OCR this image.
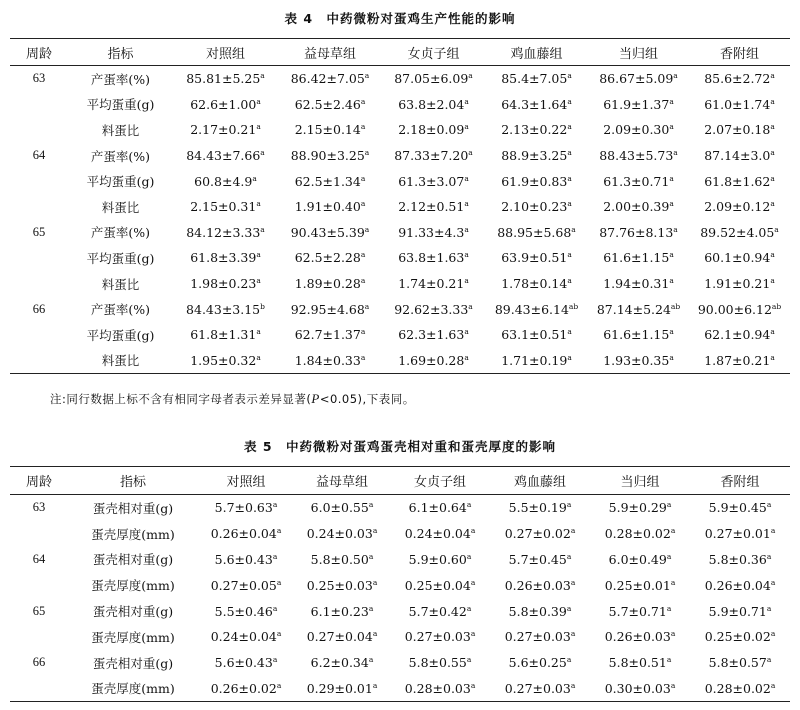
表 4　中药微粉对蛋鸡生产性能的影响
周龄	指标	对照组	益母草组	女贞子组	鸡血藤组	当归组	香附组
63	产蛋率(%)	85.81±5.25$^a$	86.42±7.05$^a$	87.05±6.09$^a$	85.4±7.05$^a$	86.67±5.09$^a$	85.6±2.72$^a$
	平均蛋重(g)	62.6±1.00$^a$	62.5±2.46$^a$	63.8±2.04$^a$	64.3±1.64$^a$	61.9±1.37$^a$	61.0±1.74$^a$
	料蛋比	2.17±0.21$^a$	2.15±0.14$^a$	2.18±0.09$^a$	2.13±0.22$^a$	2.09±0.30$^a$	2.07±0.18$^a$
64	产蛋率(%)	84.43±7.66$^a$	88.90±3.25$^a$	87.33±7.20$^a$	88.9±3.25$^a$	88.43±5.73$^a$	87.14±3.0$^a$
	平均蛋重(g)	60.8±4.9$^a$	62.5±1.34$^a$	61.3±3.07$^a$	61.9±0.83$^a$	61.3±0.71$^a$	61.8±1.62$^a$
	料蛋比	2.15±0.31$^a$	1.91±0.40$^a$	2.12±0.51$^a$	2.10±0.23$^a$	2.00±0.39$^a$	2.09±0.12$^a$
65	产蛋率(%)	84.12±3.33$^a$	90.43±5.39$^a$	91.33±4.3$^a$	88.95±5.68$^a$	87.76±8.13$^a$	89.52±4.05$^a$
	平均蛋重(g)	61.8±3.39$^a$	62.5±2.28$^a$	63.8±1.63$^a$	63.9±0.51$^a$	61.6±1.15$^a$	60.1±0.94$^a$
	料蛋比	1.98±0.23$^a$	1.89±0.28$^a$	1.74±0.21$^a$	1.78±0.14$^a$	1.94±0.31$^a$	1.91±0.21$^a$
66	产蛋率(%)	84.43±3.15$^b$	92.95±4.68$^a$	92.62±3.33$^a$	89.43±6.14$^{ab}$	87.14±5.24$^{ab}$	90.00±6.12$^{ab}$
	平均蛋重(g)	61.8±1.31$^a$	62.7±1.37$^a$	62.3±1.63$^a$	63.1±0.51$^a$	61.6±1.15$^a$	62.1±0.94$^a$
	料蛋比	1.95±0.32$^a$	1.84±0.33$^a$	1.69±0.28$^a$	1.71±0.19$^a$	1.93±0.35$^a$	1.87±0.21$^a$
注:同行数据上标不含有相同字母者表示差异显著(P<0.05),下表同。
表 5　中药微粉对蛋鸡蛋壳相对重和蛋壳厚度的影响
周龄	指标	对照组	益母草组	女贞子组	鸡血藤组	当归组	香附组
63	蛋壳相对重(g)	5.7±0.63$^a$	6.0±0.55$^a$	6.1±0.64$^a$	5.5±0.19$^a$	5.9±0.29$^a$	5.9±0.45$^a$
	蛋壳厚度(mm)	0.26±0.04$^a$	0.24±0.03$^a$	0.24±0.04$^a$	0.27±0.02$^a$	0.28±0.02$^a$	0.27±0.01$^a$
64	蛋壳相对重(g)	5.6±0.43$^a$	5.8±0.50$^a$	5.9±0.60$^a$	5.7±0.45$^a$	6.0±0.49$^a$	5.8±0.36$^a$
	蛋壳厚度(mm)	0.27±0.05$^a$	0.25±0.03$^a$	0.25±0.04$^a$	0.26±0.03$^a$	0.25±0.01$^a$	0.26±0.04$^a$
65	蛋壳相对重(g)	5.5±0.46$^a$	6.1±0.23$^a$	5.7±0.42$^a$	5.8±0.39$^a$	5.7±0.71$^a$	5.9±0.71$^a$
	蛋壳厚度(mm)	0.24±0.04$^a$	0.27±0.04$^a$	0.27±0.03$^a$	0.27±0.03$^a$	0.26±0.03$^a$	0.25±0.02$^a$
66	蛋壳相对重(g)	5.6±0.43$^a$	6.2±0.34$^a$	5.8±0.55$^a$	5.6±0.25$^a$	5.8±0.51$^a$	5.8±0.57$^a$
	蛋壳厚度(mm)	0.26±0.02$^a$	0.29±0.01$^a$	0.28±0.03$^a$	0.27±0.03$^a$	0.30±0.03$^a$	0.28±0.02$^a$
